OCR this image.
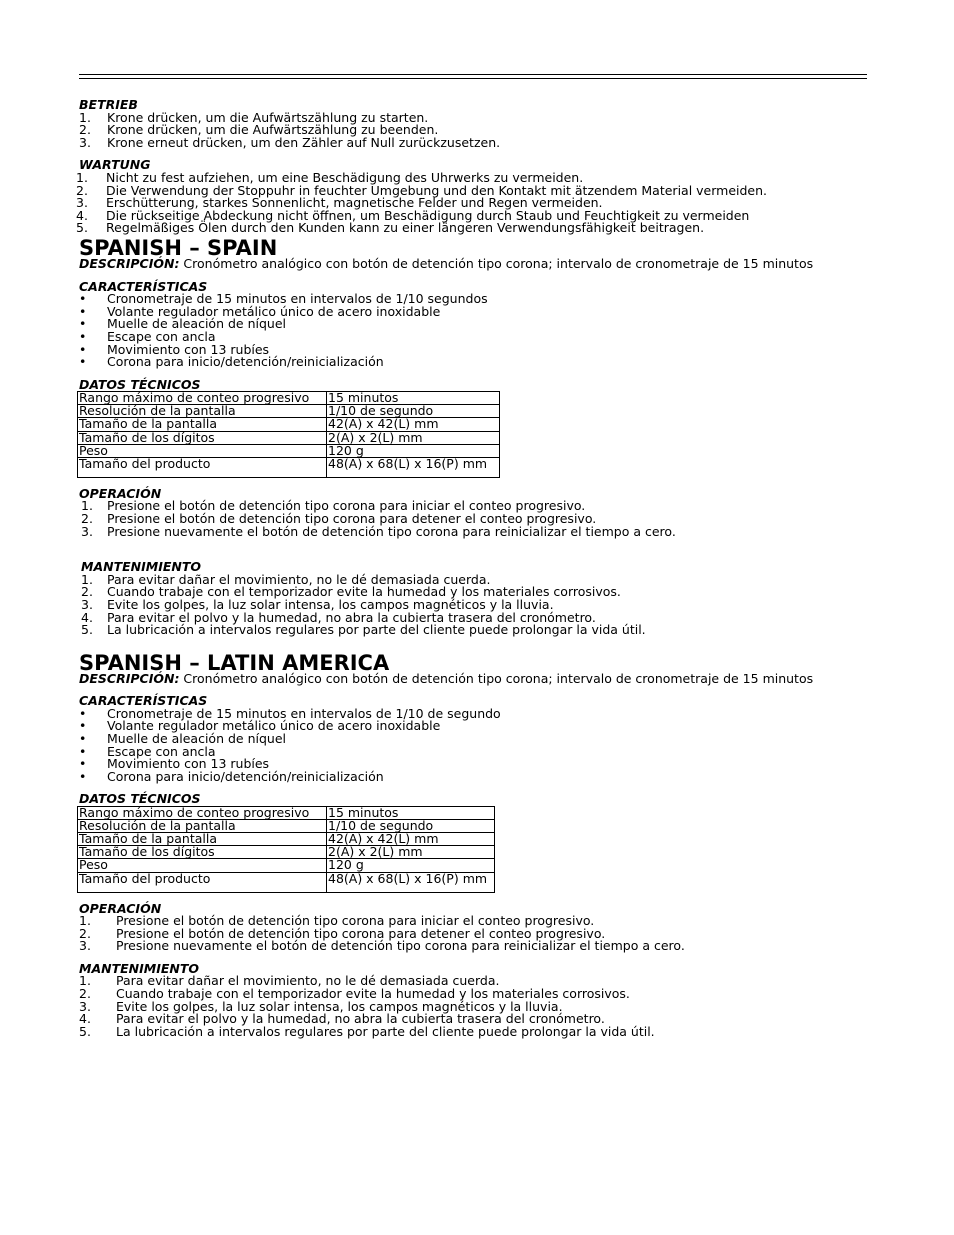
BETRIEB

1. Krone drücken, um die Aufwärtszählung zu starten.
2. Krone drücken, um die Aufwärtszählung zu beenden.
3. Krone erneut drücken, um den Zähler auf Null zurückzusetzen.

WARTUNG

1. Nicht zu fest aufziehen, um eine Beschädigung des Uhrwerks zu vermeiden.
2. Die Verwendung der Stoppuhr in feuchter Umgebung und den Kontakt mit ätzendem Material vermeiden.
3. Erschütterung, starkes Sonnenlicht, magnetische Felder und Regen vermeiden.
4. Die rückseitige Abdeckung nicht öffnen, um Beschädigung durch Staub und Feuchtigkeit zu vermeiden
5. Regelmäßiges Ölen durch den Kunden kann zu einer längeren Verwendungsfähigkeit beitragen.
SPANISH – SPAIN

DESCRIPCIÓN: Cronómetro analógico con botón de detención tipo corona; intervalo de cronometraje de 15 minutos

CARACTERÍSTICAS

• Cronometraje de 15 minutos en intervalos de 1/10 segundos
• Volante regulador metálico único de acero inoxidable
• Muelle de aleación de níquel
• Escape con ancla
• Movimiento con 13 rubíes
• Corona para inicio/detención/reinicialización

DATOS TÉCNICOS

Rango máximo de conteo progresivo	15 minutos
Resolución de la pantalla	1/10 de segundo
Tamaño de la pantalla	42(A) x 42(L) mm
Tamaño de los dígitos	2(A) x 2(L) mm
Peso	120 g
Tamaño del producto	48(A) x 68(L) x 16(P) mm

OPERACIÓN

1. Presione el botón de detención tipo corona para iniciar el conteo progresivo.
2. Presione el botón de detención tipo corona para detener el conteo progresivo.
3. Presione nuevamente el botón de detención tipo corona para reinicializar el tiempo a cero.

MANTENIMIENTO

1. Para evitar dañar el movimiento, no le dé demasiada cuerda.
2. Cuando trabaje con el temporizador evite la humedad y los materiales corrosivos.
3. Evite los golpes, la luz solar intensa, los campos magnéticos y la lluvia.
4. Para evitar el polvo y la humedad, no abra la cubierta trasera del cronómetro.
5. La lubricación a intervalos regulares por parte del cliente puede prolongar la vida útil.
SPANISH – LATIN AMERICA

DESCRIPCIÓN: Cronómetro analógico con botón de detención tipo corona; intervalo de cronometraje de 15 minutos

CARACTERÍSTICAS

• Cronometraje de 15 minutos en intervalos de 1/10 de segundo
• Volante regulador metálico único de acero inoxidable
• Muelle de aleación de níquel
• Escape con ancla
• Movimiento con 13 rubíes
• Corona para inicio/detención/reinicialización

DATOS TÉCNICOS

Rango máximo de conteo progresivo	15 minutos
Resolución de la pantalla	1/10 de segundo
Tamaño de la pantalla	42(A) x 42(L) mm
Tamaño de los dígitos	2(A) x 2(L) mm
Peso	120 g
Tamaño del producto	48(A) x 68(L) x 16(P) mm

OPERACIÓN

1. Presione el botón de detención tipo corona para iniciar el conteo progresivo.
2. Presione el botón de detención tipo corona para detener el conteo progresivo.
3. Presione nuevamente el botón de detención tipo corona para reinicializar el tiempo a cero.

MANTENIMIENTO

1. Para evitar dañar el movimiento, no le dé demasiada cuerda.
2. Cuando trabaje con el temporizador evite la humedad y los materiales corrosivos.
3. Evite los golpes, la luz solar intensa, los campos magnéticos y la lluvia.
4. Para evitar el polvo y la humedad, no abra la cubierta trasera del cronómetro.
5. La lubricación a intervalos regulares por parte del cliente puede prolongar la vida útil.
